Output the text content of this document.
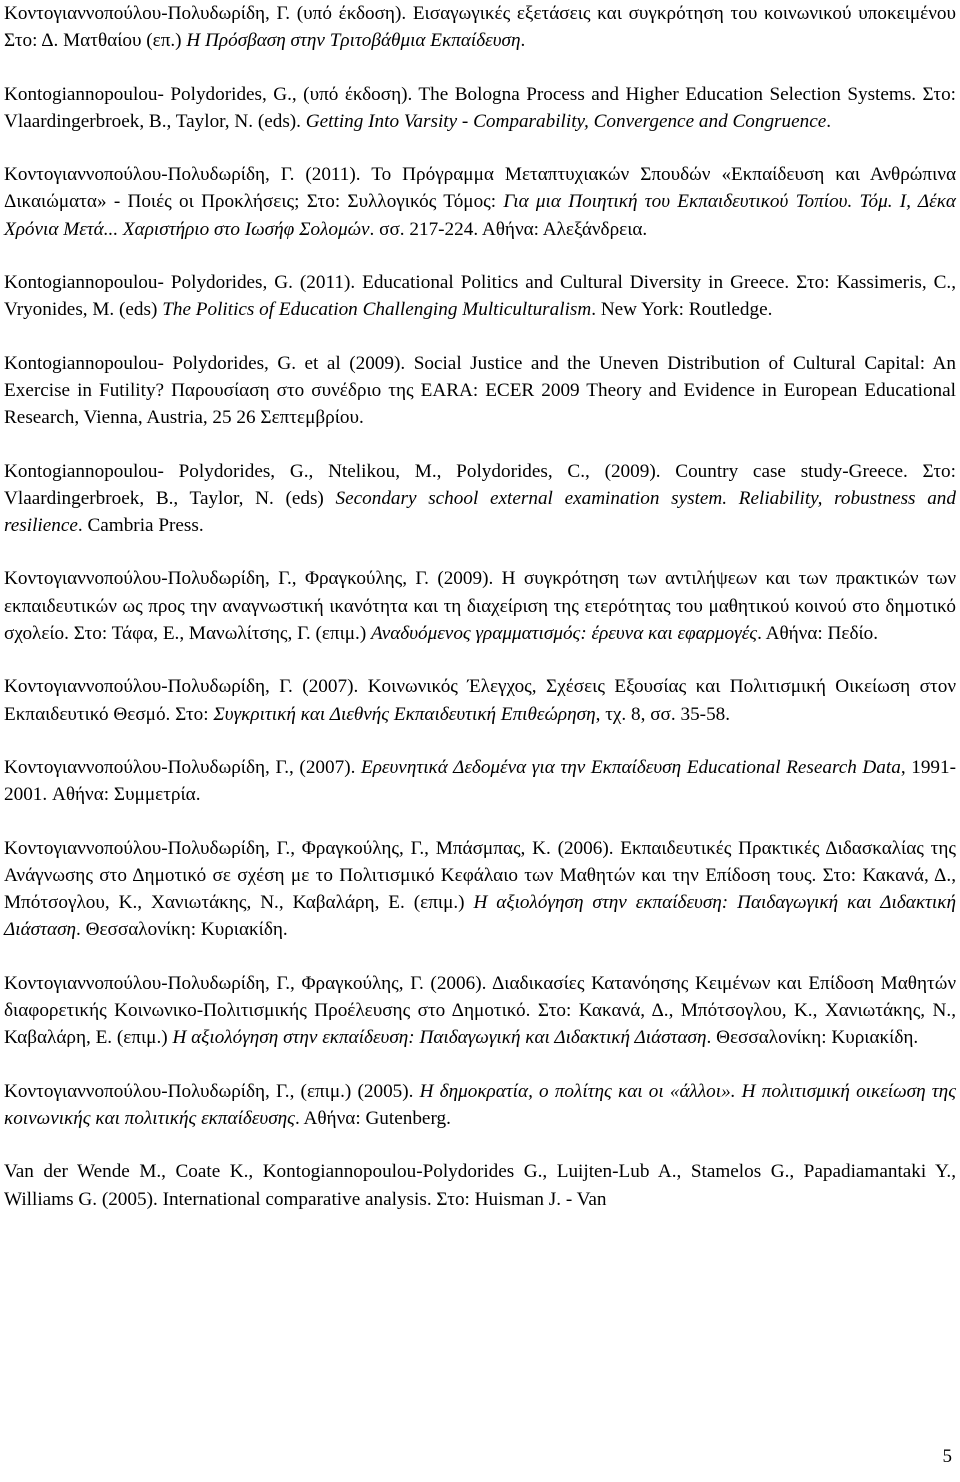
Κοντογιαννοπούλου-Πολυδωρίδη, Γ. (υπό έκδοση). Εισαγωγικές εξετάσεις και συγκρότηση του κοινωνικού υποκειμένου Στο: Δ. Ματθαίου (επ.) Η Πρόσβαση στην Τριτοβάθμια Εκπαίδευση.

Kontogiannopoulou- Polydorides, G., (υπό έκδοση). The Bologna Process and Higher Education Selection Systems. Στο: Vlaardingerbroek, B., Taylor, N. (eds). Getting Into Varsity - Comparability, Convergence and Congruence.

Κοντογιαννοπούλου-Πολυδωρίδη, Γ. (2011). Το Πρόγραμμα Μεταπτυχιακών Σπουδών «Εκπαίδευση και Ανθρώπινα Δικαιώματα» - Ποιές οι Προκλήσεις; Στο: Συλλογικός Τόμος: Για μια Ποιητική του Εκπαιδευτικού Τοπίου. Τόμ. Ι, Δέκα Χρόνια Μετά... Χαριστήριο στο Ιωσήφ Σολομών. σσ. 217-224. Αθήνα: Αλεξάνδρεια.

Kontogiannopoulou- Polydorides, G. (2011). Educational Politics and Cultural Diversity in Greece. Στο: Kassimeris, C., Vryonides, M. (eds) The Politics of Education Challenging Multiculturalism. New York: Routledge.

Kontogiannopoulou- Polydorides, G. et al (2009). Social Justice and the Uneven Distribution of Cultural Capital: An Exercise in Futility? Παρουσίαση στο συνέδριο της EARA: ECER 2009 Theory and Evidence in European Educational Research, Vienna, Austria, 25 26 Σεπτεμβρίου.

Kontogiannopoulou- Polydorides, G., Ntelikou, M., Polydorides, C., (2009). Country case study-Greece. Στο: Vlaardingerbroek, B., Taylor, N. (eds) Secondary school external examination system. Reliability, robustness and resilience. Cambria Press.

Κοντογιαννοπούλου-Πολυδωρίδη, Γ., Φραγκούλης, Γ. (2009). Η συγκρότηση των αντιλήψεων και των πρακτικών των εκπαιδευτικών ως προς την αναγνωστική ικανότητα και τη διαχείριση της ετερότητας του μαθητικού κοινού στο δημοτικό σχολείο. Στο: Τάφα, Ε., Μανωλίτσης, Γ. (επιμ.) Αναδυόμενος γραμματισμός: έρευνα και εφαρμογές. Αθήνα: Πεδίο.

Κοντογιαννοπούλου-Πολυδωρίδη, Γ. (2007). Κοινωνικός Έλεγχος, Σχέσεις Εξουσίας και Πολιτισμική Οικείωση στον Εκπαιδευτικό Θεσμό. Στο: Συγκριτική και Διεθνής Εκπαιδευτική Επιθεώρηση, τχ. 8, σσ. 35-58.

Κοντογιαννοπούλου-Πολυδωρίδη, Γ., (2007). Ερευνητικά Δεδομένα για την Εκπαίδευση Educational Research Data, 1991-2001. Αθήνα: Συμμετρία.

Κοντογιαννοπούλου-Πολυδωρίδη, Γ., Φραγκούλης, Γ., Μπάσμπας, Κ. (2006). Εκπαιδευτικές Πρακτικές Διδασκαλίας της Ανάγνωσης στο Δημοτικό σε σχέση με το Πολιτισμικό Κεφάλαιο των Μαθητών και την Επίδοση τους. Στο: Κακανά, Δ., Μπότσογλου, Κ., Χανιωτάκης, Ν., Καβαλάρη, Ε. (επιμ.) Η αξιολόγηση στην εκπαίδευση: Παιδαγωγική και Διδακτική Διάσταση. Θεσσαλονίκη: Κυριακίδη.

Κοντογιαννοπούλου-Πολυδωρίδη, Γ., Φραγκούλης, Γ. (2006). Διαδικασίες Κατανόησης Κειμένων και Επίδοση Μαθητών διαφορετικής Κοινωνικο-Πολιτισμικής Προέλευσης στο Δημοτικό. Στο: Κακανά, Δ., Μπότσογλου, Κ., Χανιωτάκης, Ν., Καβαλάρη, Ε. (επιμ.) Η αξιολόγηση στην εκπαίδευση: Παιδαγωγική και Διδακτική Διάσταση. Θεσσαλονίκη: Κυριακίδη.

Κοντογιαννοπούλου-Πολυδωρίδη, Γ., (επιμ.) (2005). Η δημοκρατία, ο πολίτης και οι «άλλοι». Η πολιτισμική οικείωση της κοινωνικής και πολιτικής εκπαίδευσης. Αθήνα: Gutenberg.

Van der Wende M., Coate K., Kontogiannopoulou-Polydorides G., Luijten-Lub A., Stamelos G., Papadiamantaki Y., Williams G. (2005). International comparative analysis. Στο: Huisman J. - Van

5
